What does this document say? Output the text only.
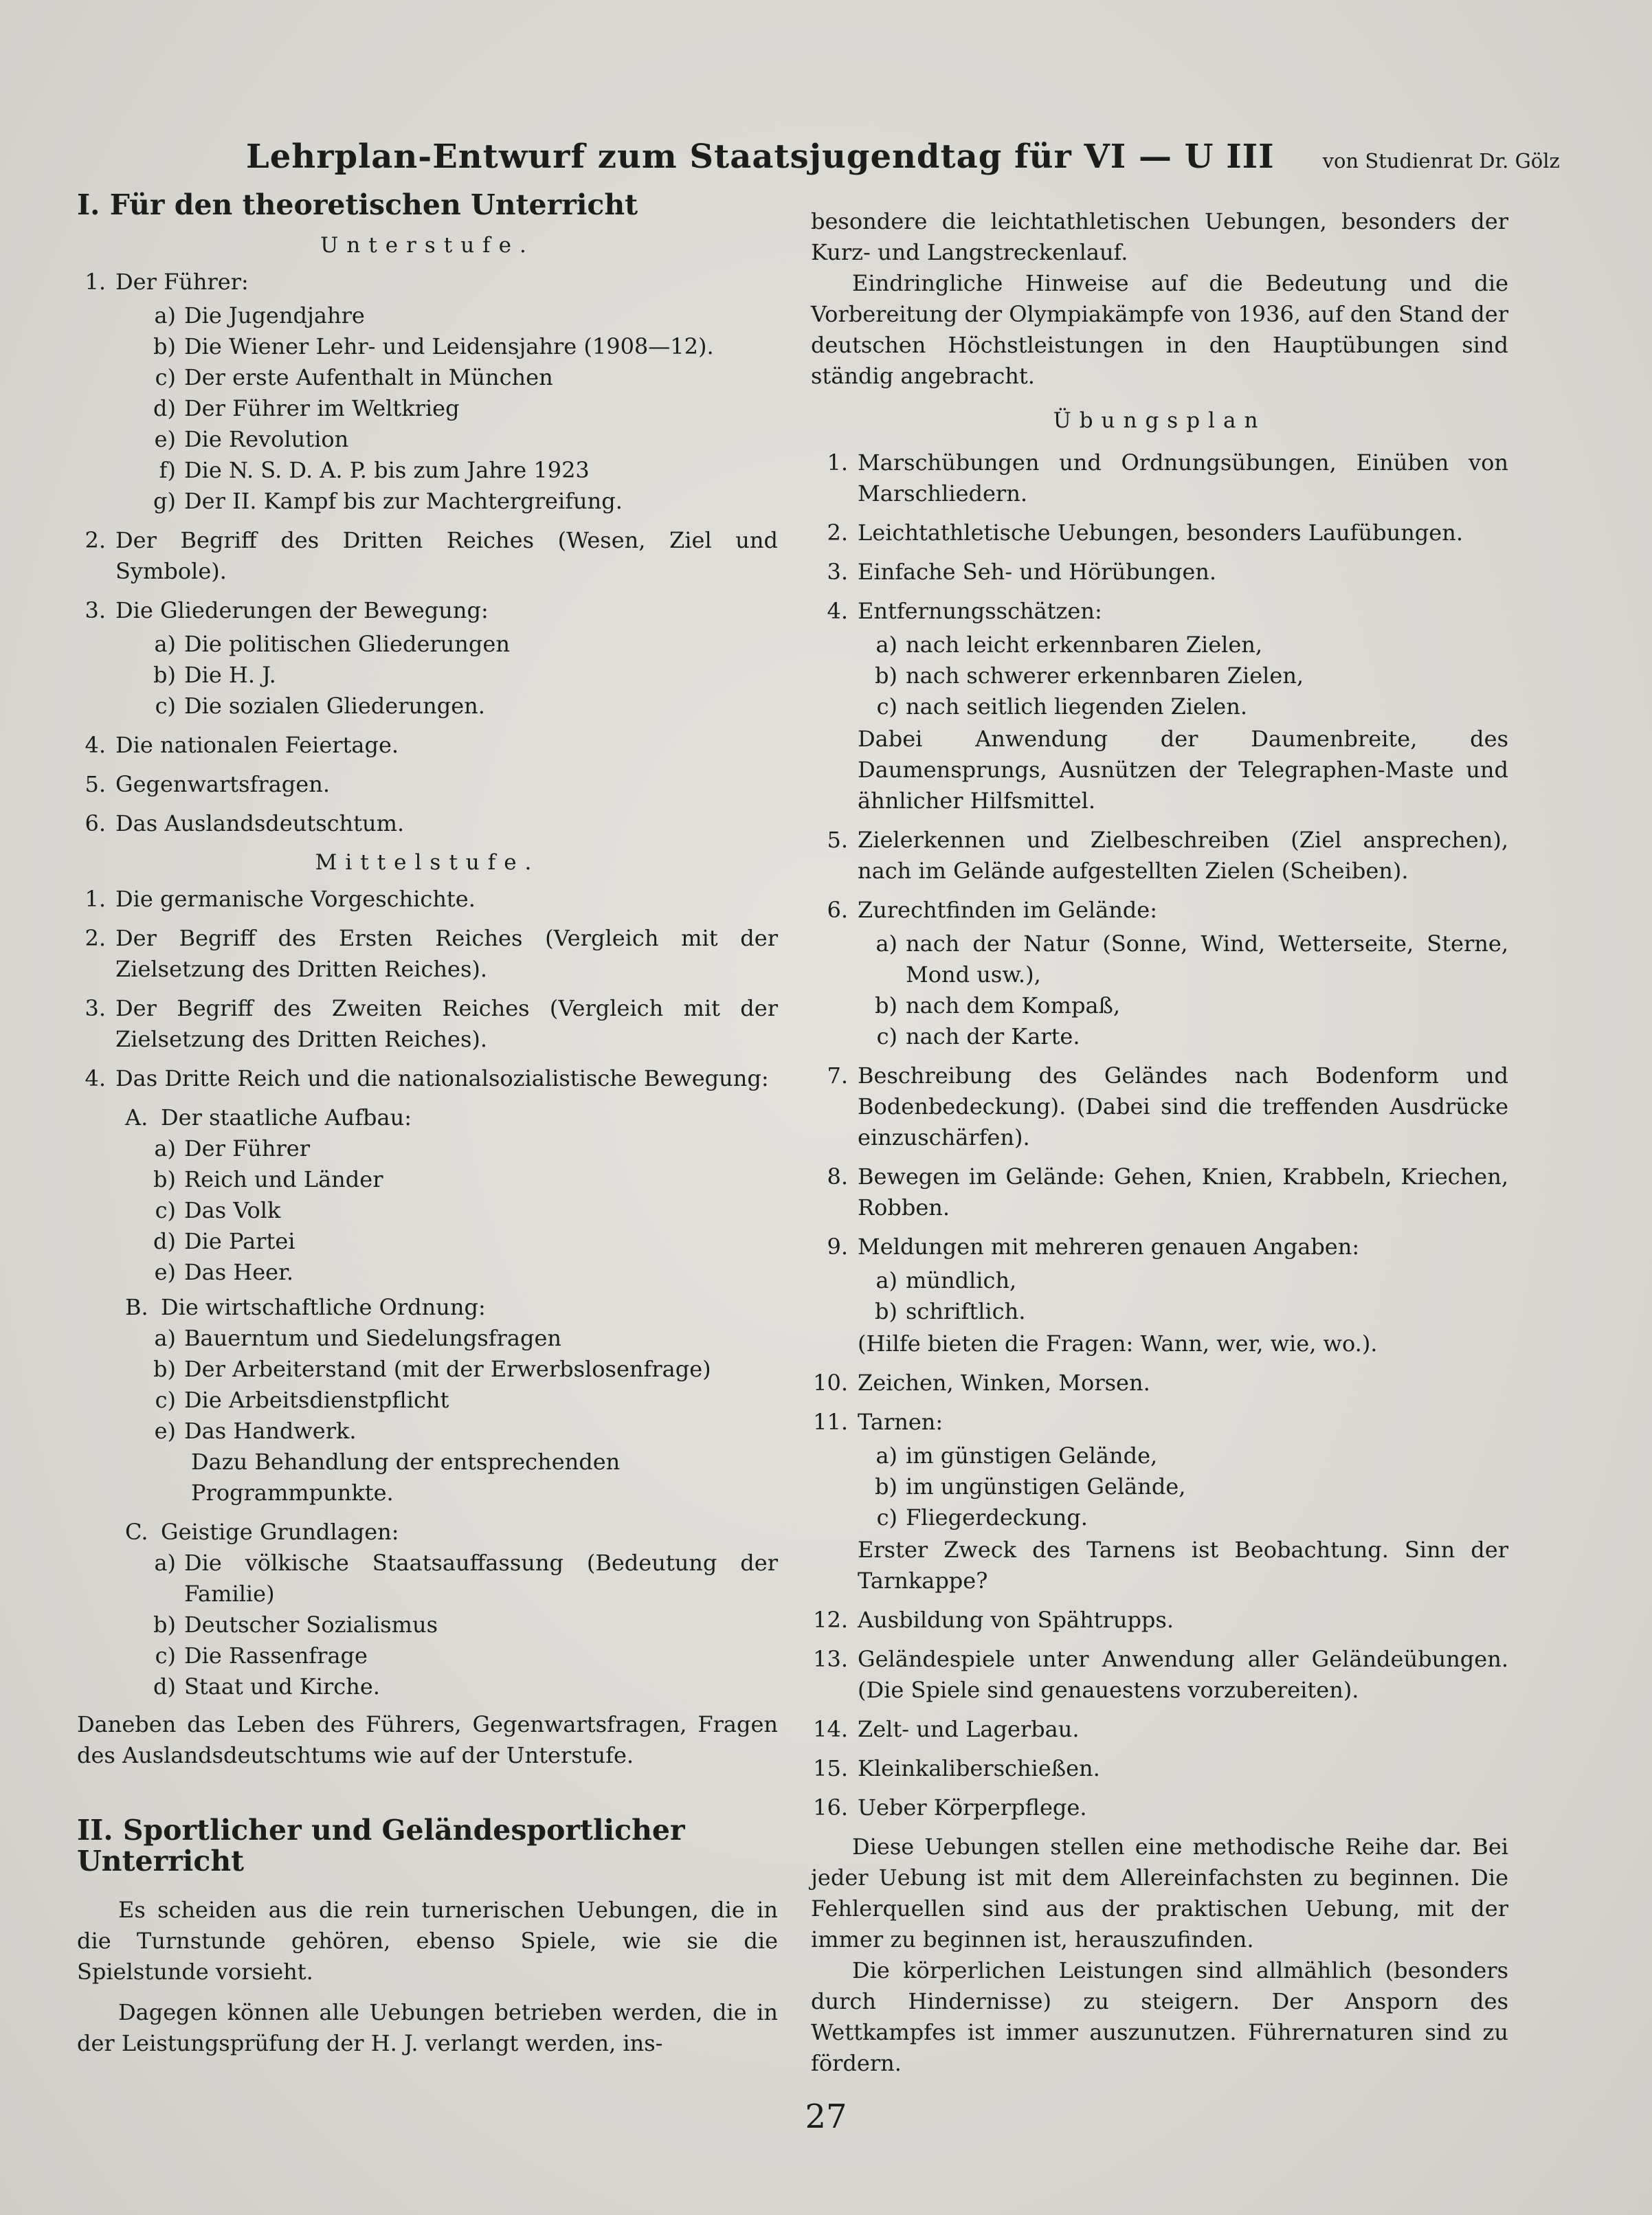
Lehrplan-Entwurf zum Staatsjugendtag für VI — U III von Studienrat Dr. Gölz
I. Für den theoretischen Unterricht
Unterstufe.
1. Der Führer:
a) Die Jugendjahre
b) Die Wiener Lehr- und Leidensjahre (1908—12).
c) Der erste Aufenthalt in München
d) Der Führer im Weltkrieg
e) Die Revolution
f) Die N. S. D. A. P. bis zum Jahre 1923
g) Der II. Kampf bis zur Machtergreifung.
2. Der Begriff des Dritten Reiches (Wesen, Ziel und Symbole).
3. Die Gliederungen der Bewegung:
a) Die politischen Gliederungen
b) Die H. J.
c) Die sozialen Gliederungen.
4. Die nationalen Feiertage.
5. Gegenwartsfragen.
6. Das Auslandsdeutschtum.
Mittelstufe.
1. Die germanische Vorgeschichte.
2. Der Begriff des Ersten Reiches (Vergleich mit der Zielsetzung des Dritten Reiches).
3. Der Begriff des Zweiten Reiches (Vergleich mit der Zielsetzung des Dritten Reiches).
4. Das Dritte Reich und die nationalsozialistische Bewegung:
A. Der staatliche Aufbau:
a) Der Führer
b) Reich und Länder
c) Das Volk
d) Die Partei
e) Das Heer.
B. Die wirtschaftliche Ordnung:
a) Bauerntum und Siedelungsfragen
b) Der Arbeiterstand (mit der Erwerbslosenfrage)
c) Die Arbeitsdienstpflicht
e) Das Handwerk.
Dazu Behandlung der entsprechenden Programmpunkte.
C. Geistige Grundlagen:
a) Die völkische Staatsauffassung (Bedeutung der Familie)
b) Deutscher Sozialismus
c) Die Rassenfrage
d) Staat und Kirche.

Daneben das Leben des Führers, Gegenwartsfragen, Fragen des Auslandsdeutschtums wie auf der Unterstufe.

II. Sportlicher und Geländesportlicher Unterricht

Es scheiden aus die rein turnerischen Uebungen, die in die Turnstunde gehören, ebenso Spiele, wie sie die Spielstunde vorsieht.

Dagegen können alle Uebungen betrieben werden, die in der Leistungsprüfung der H. J. verlangt werden, ins-

besondere die leichtathletischen Uebungen, besonders der Kurz- und Langstreckenlauf.

Eindringliche Hinweise auf die Bedeutung und die Vorbereitung der Olympiakämpfe von 1936, auf den Stand der deutschen Höchstleistungen in den Hauptübungen sind ständig angebracht.

Übungsplan
1. Marschübungen und Ordnungsübungen, Einüben von Marschliedern.
2. Leichtathletische Uebungen, besonders Laufübungen.
3. Einfache Seh- und Hörübungen.
4. Entfernungsschätzen:
a) nach leicht erkennbaren Zielen,
b) nach schwerer erkennbaren Zielen,
c) nach seitlich liegenden Zielen.
Dabei Anwendung der Daumenbreite, des Daumensprungs, Ausnützen der Telegraphen-Maste und ähnlicher Hilfsmittel.
5. Zielerkennen und Zielbeschreiben (Ziel ansprechen), nach im Gelände aufgestellten Zielen (Scheiben).
6. Zurechtfinden im Gelände:
a) nach der Natur (Sonne, Wind, Wetterseite, Sterne, Mond usw.),
b) nach dem Kompaß,
c) nach der Karte.
7. Beschreibung des Geländes nach Bodenform und Bodenbedeckung). (Dabei sind die treffenden Ausdrücke einzuschärfen).
8. Bewegen im Gelände: Gehen, Knien, Krabbeln, Kriechen, Robben.
9. Meldungen mit mehreren genauen Angaben:
a) mündlich,
b) schriftlich.
(Hilfe bieten die Fragen: Wann, wer, wie, wo.).
10. Zeichen, Winken, Morsen.
11. Tarnen:
a) im günstigen Gelände,
b) im ungünstigen Gelände,
c) Fliegerdeckung.
Erster Zweck des Tarnens ist Beobachtung. Sinn der Tarnkappe?
12. Ausbildung von Spähtrupps.
13. Geländespiele unter Anwendung aller Geländeübungen. (Die Spiele sind genauestens vorzubereiten).
14. Zelt- und Lagerbau.
15. Kleinkaliberschießen.
16. Ueber Körperpflege.

Diese Uebungen stellen eine methodische Reihe dar. Bei jeder Uebung ist mit dem Allereinfachsten zu beginnen. Die Fehlerquellen sind aus der praktischen Uebung, mit der immer zu beginnen ist, herauszufinden.

Die körperlichen Leistungen sind allmählich (besonders durch Hindernisse) zu steigern. Der Ansporn des Wettkampfes ist immer auszunutzen. Führernaturen sind zu fördern.

27
